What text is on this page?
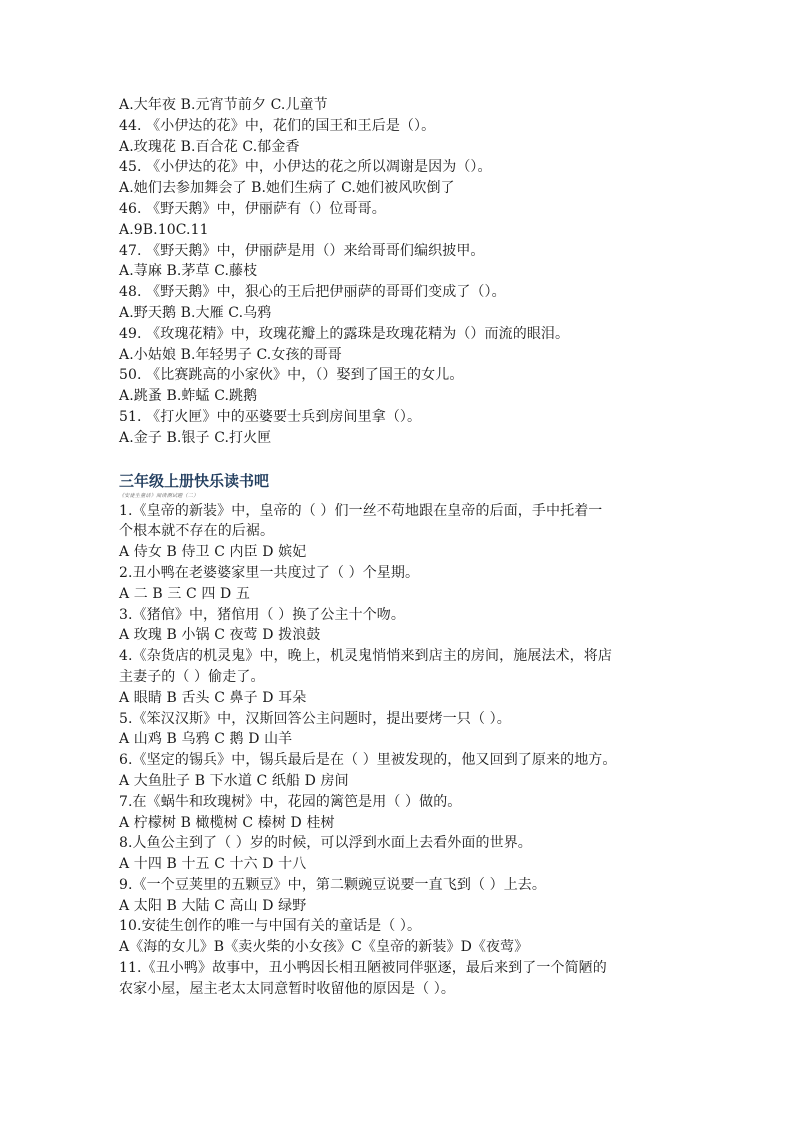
A.大年夜 B.元宵节前夕 C.儿童节
44. 《小伊达的花》中，花们的国王和王后是（）。
A.玫瑰花 B.百合花 C.郁金香
45. 《小伊达的花》中，小伊达的花之所以凋谢是因为（）。
A.她们去参加舞会了 B.她们生病了 C.她们被风吹倒了
46. 《野天鹅》中，伊丽萨有（）位哥哥。
A.9B.10C.11
47. 《野天鹅》中，伊丽萨是用（）来给哥哥们编织披甲。
A.荨麻 B.茅草 C.藤枝
48. 《野天鹅》中，狠心的王后把伊丽萨的哥哥们变成了（）。
A.野天鹅 B.大雁 C.乌鸦
49. 《玫瑰花精》中，玫瑰花瓣上的露珠是玫瑰花精为（）而流的眼泪。
A.小姑娘 B.年轻男子 C.女孩的哥哥
50. 《比赛跳高的小家伙》中，（）娶到了国王的女儿。
A.跳蚤 B.蚱蜢 C.跳鹅
51. 《打火匣》中的巫婆要士兵到房间里拿（）。
A.金子 B.银子 C.打火匣
三年级上册快乐读书吧
《安徒生童话》阅读测试题（二）
1.《皇帝的新装》中，皇帝的（ ）们一丝不苟地跟在皇帝的后面，手中托着一
个根本就不存在的后裾。
A 侍女 B 侍卫 C 内臣 D 嫔妃
2.丑小鸭在老婆婆家里一共度过了（ ）个星期。
A 二 B 三 C 四 D 五
3.《猪倌》中，猪倌用（ ）换了公主十个吻。
A 玫瑰 B 小锅 C 夜莺 D 拨浪鼓
4.《杂货店的机灵鬼》中，晚上，机灵鬼悄悄来到店主的房间，施展法术，将店
主妻子的（ ）偷走了。
A 眼睛 B 舌头 C 鼻子 D 耳朵
5.《笨汉汉斯》中，汉斯回答公主问题时，提出要烤一只（ ）。
A 山鸡 B 乌鸦 C 鹅 D 山羊
6.《坚定的锡兵》中，锡兵最后是在（ ）里被发现的，他又回到了原来的地方。
A 大鱼肚子 B 下水道 C 纸船 D 房间
7.在《蜗牛和玫瑰树》中，花园的篱笆是用（ ）做的。
A 柠檬树 B 橄榄树 C 榛树 D 桂树
8.人鱼公主到了（ ）岁的时候，可以浮到水面上去看外面的世界。
A 十四 B 十五 C 十六 D 十八
9.《一个豆荚里的五颗豆》中，第二颗豌豆说要一直飞到（ ）上去。
A 太阳 B 大陆 C 高山 D 绿野
10.安徒生创作的唯一与中国有关的童话是（ ）。
A《海的女儿》B《卖火柴的小女孩》C《皇帝的新装》D《夜莺》
11.《丑小鸭》故事中，丑小鸭因长相丑陋被同伴驱逐，最后来到了一个简陋的
农家小屋，屋主老太太同意暂时收留他的原因是（ ）。
